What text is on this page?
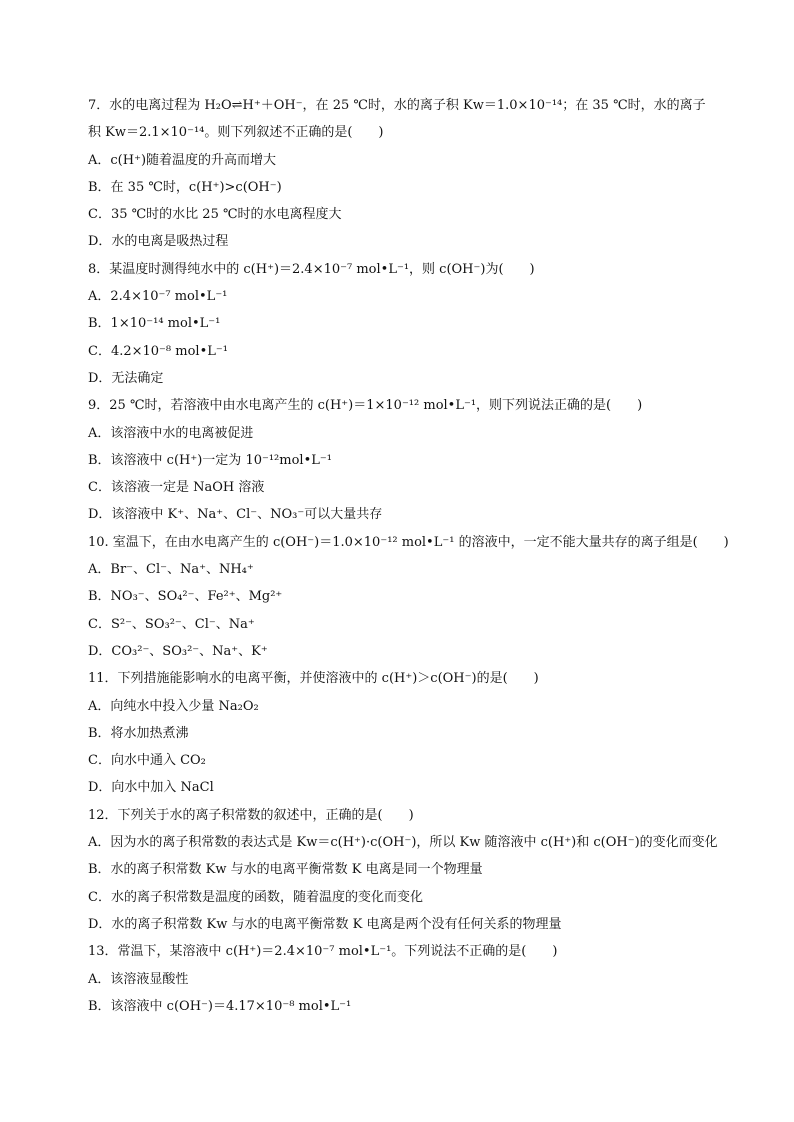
7．水的电离过程为 H₂O⇌H⁺＋OH⁻，在 25 ℃时，水的离子积 Kw＝1.0×10⁻¹⁴；在 35 ℃时，水的离子
积 Kw＝2.1×10⁻¹⁴。则下列叙述不正确的是(　　)
A．c(H⁺)随着温度的升高而增大
B．在 35 ℃时，c(H⁺)>c(OH⁻)
C．35 ℃时的水比 25 ℃时的水电离程度大
D．水的电离是吸热过程
8．某温度时测得纯水中的 c(H⁺)＝2.4×10⁻⁷ mol•L⁻¹，则 c(OH⁻)为(　　)
A．2.4×10⁻⁷ mol•L⁻¹
B．1×10⁻¹⁴ mol•L⁻¹
C．4.2×10⁻⁸ mol•L⁻¹
D．无法确定
9．25 ℃时，若溶液中由水电离产生的 c(H⁺)＝1×10⁻¹² mol•L⁻¹，则下列说法正确的是(　　)
A．该溶液中水的电离被促进
B．该溶液中 c(H⁺)一定为 10⁻¹²mol•L⁻¹
C．该溶液一定是 NaOH 溶液
D．该溶液中 K⁺、Na⁺、Cl⁻、NO₃⁻可以大量共存
10. 室温下，在由水电离产生的 c(OH⁻)＝1.0×10⁻¹² mol•L⁻¹ 的溶液中，一定不能大量共存的离子组是(　　)
A．Br⁻、Cl⁻、Na⁺、NH₄⁺
B．NO₃⁻、SO₄²⁻、Fe²⁺、Mg²⁺
C．S²⁻、SO₃²⁻、Cl⁻、Na⁺
D．CO₃²⁻、SO₃²⁻、Na⁺、K⁺
11．下列措施能影响水的电离平衡，并使溶液中的 c(H⁺)＞c(OH⁻)的是(　　)
A．向纯水中投入少量 Na₂O₂
B．将水加热煮沸
C．向水中通入 CO₂
D．向水中加入 NaCl
12．下列关于水的离子积常数的叙述中，正确的是(　　)
A．因为水的离子积常数的表达式是 Kw＝c(H⁺)·c(OH⁻)，所以 Kw 随溶液中 c(H⁺)和 c(OH⁻)的变化而变化
B．水的离子积常数 Kw 与水的电离平衡常数 K 电离是同一个物理量
C．水的离子积常数是温度的函数，随着温度的变化而变化
D．水的离子积常数 Kw 与水的电离平衡常数 K 电离是两个没有任何关系的物理量
13．常温下，某溶液中 c(H⁺)＝2.4×10⁻⁷ mol•L⁻¹。下列说法不正确的是(　　)
A．该溶液显酸性
B．该溶液中 c(OH⁻)＝4.17×10⁻⁸ mol•L⁻¹
